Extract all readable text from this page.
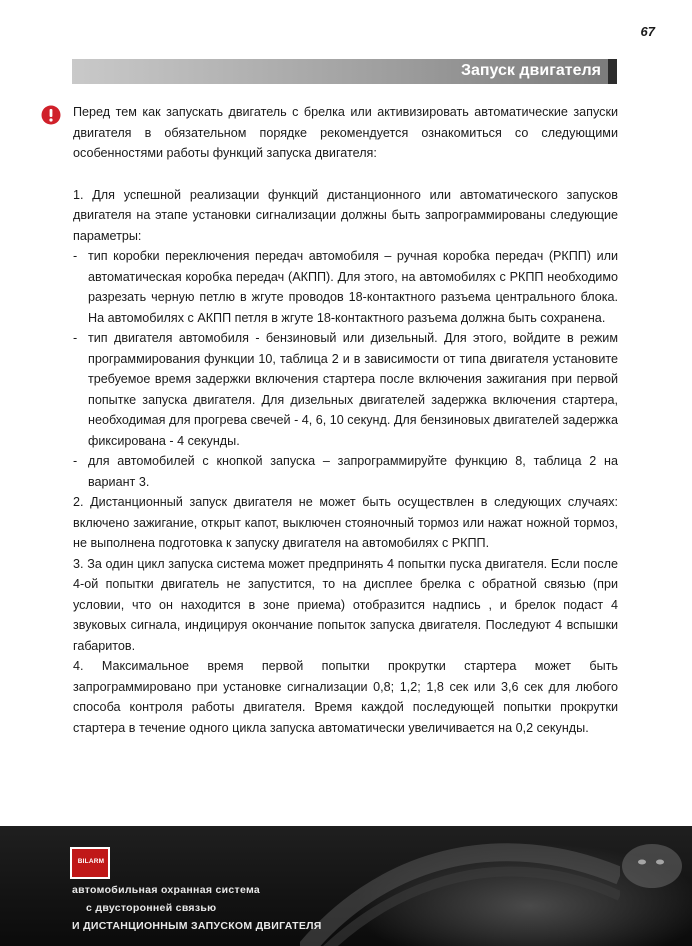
67
Запуск двигателя

Перед тем как запускать двигатель с брелка или активизировать автоматические запуски двигателя в обязательном порядке рекомендуется ознакомиться со следующими особенностями работы функций запуска двигателя:

1. Для успешной реализации функций дистанционного или автоматического запусков двигателя на этапе установки сигнализации должны быть запрограммированы следующие параметры:

- тип коробки переключения передач автомобиля – ручная коробка передач (РКПП) или автоматическая коробка передач (АКПП). Для этого, на автомобилях с РКПП необходимо разрезать черную петлю в жгуте проводов 18-контактного разъема центрального блока. На автомобилях с АКПП петля в жгуте 18-контактного разъема должна быть сохранена.

- тип двигателя автомобиля - бензиновый или дизельный. Для этого, войдите в режим программирования функции 10, таблица 2 и в зависимости от типа двигателя установите требуемое время задержки включения стартера после включения зажигания при первой попытке запуска двигателя. Для дизельных двигателей задержка включения стартера, необходимая для прогрева свечей - 4, 6, 10 секунд. Для бензиновых двигателей задержка фиксирована - 4 секунды.

- для автомобилей с кнопкой запуска – запрограммируйте функцию 8, таблица 2 на вариант 3.

2. Дистанционный запуск двигателя не может быть осуществлен в следующих случаях: включено зажигание, открыт капот, выключен стояночный тормоз или нажат ножной тормоз, не выполнена подготовка к запуску двигателя на автомобилях с РКПП.

3. За один цикл запуска система может предпринять 4 попытки пуска двигателя. Если после 4-ой попытки двигатель не запустится, то на дисплее брелка с обратной связью (при условии, что он находится в зоне приема) отобразится надпись , и брелок подаст 4 звуковых сигнала, индицируя окончание попыток запуска двигателя. Последуют 4 вспышки габаритов.

4. Максимальное время первой попытки прокрутки стартера может быть запрограммировано при установке сигнализации 0,8; 1,2; 1,8 сек или 3,6 сек для любого способа контроля работы двигателя. Время каждой последующей попытки прокрутки стартера в течение одного цикла запуска автоматически увеличивается на 0,2 секунды.

BILARM
автомобильная охранная система
с двусторонней связью
И ДИСТАНЦИОННЫМ ЗАПУСКОМ ДВИГАТЕЛЯ
